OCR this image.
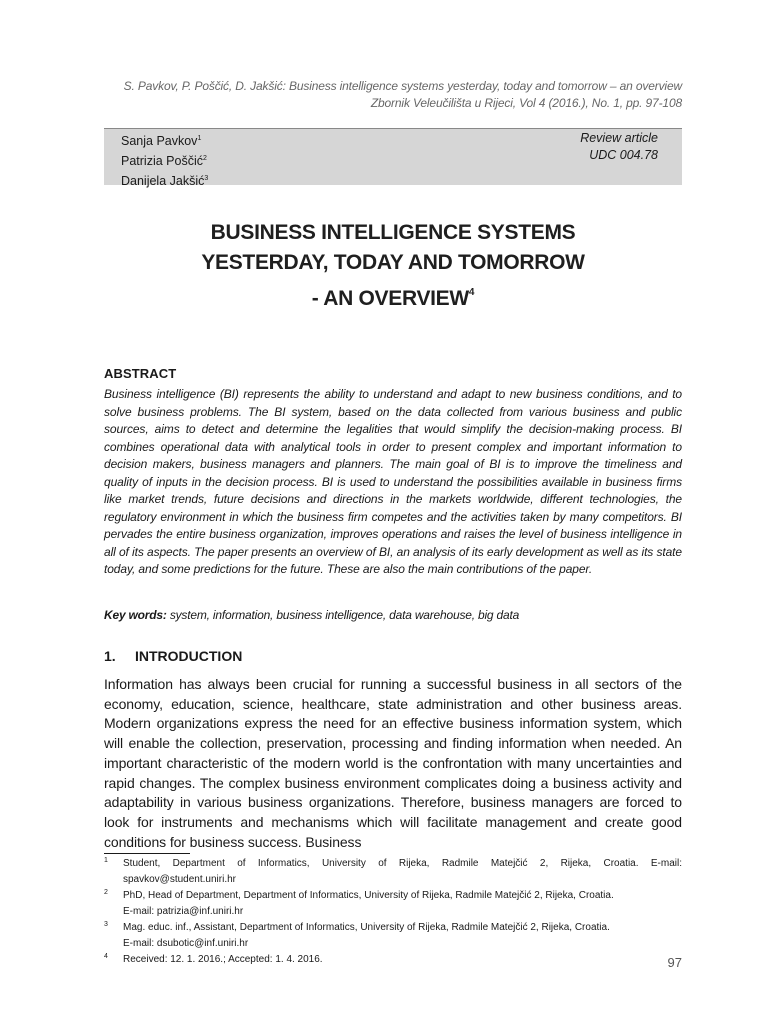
S. Pavkov, P. Poščić, D. Jakšić: Business intelligence systems yesterday, today and tomorrow – an overview
Zbornik Veleučilišta u Rijeci, Vol 4 (2016.), No. 1, pp. 97-108
Sanja Pavkov$^1$
Patrizia Poščić$^2$
Danijela Jakšić$^3$
Review article
UDC 004.78
BUSINESS INTELLIGENCE SYSTEMS
YESTERDAY, TODAY AND TOMORROW
- AN OVERVIEW$^4$
ABSTRACT
Business intelligence (BI) represents the ability to understand and adapt to new business conditions, and to solve business problems. The BI system, based on the data collected from various business and public sources, aims to detect and determine the legalities that would simplify the decision-making process. BI combines operational data with analytical tools in order to present complex and important information to decision makers, business managers and planners. The main goal of BI is to improve the timeliness and quality of inputs in the decision process. BI is used to understand the possibilities available in business firms like market trends, future decisions and directions in the markets worldwide, different technologies, the regulatory environment in which the business firm competes and the activities taken by many competitors. BI pervades the entire business organization, improves operations and raises the level of business intelligence in all of its aspects. The paper presents an overview of BI, an analysis of its early development as well as its state today, and some predictions for the future. These are also the main contributions of the paper.
Key words: system, information, business intelligence, data warehouse, big data
1. INTRODUCTION
Information has always been crucial for running a successful business in all sectors of the economy, education, science, healthcare, state administration and other business areas. Modern organizations express the need for an effective business information system, which will enable the collection, preservation, processing and finding information when needed. An important characteristic of the modern world is the confrontation with many uncertainties and rapid changes. The complex business environment complicates doing a business activity and adaptability in various business organizations. Therefore, business managers are forced to look for instruments and mechanisms which will facilitate management and create good conditions for business success. Business
1 Student, Department of Informatics, University of Rijeka, Radmile Matejčić 2, Rijeka, Croatia. E-mail: spavkov@student.uniri.hr
2 PhD, Head of Department, Department of Informatics, University of Rijeka, Radmile Matejčić 2, Rijeka, Croatia.
E-mail: patrizia@inf.uniri.hr
3 Mag. educ. inf., Assistant, Department of Informatics, University of Rijeka, Radmile Matejčić 2, Rijeka, Croatia.
E-mail: dsubotic@inf.uniri.hr
4 Received: 12. 1. 2016.; Accepted: 1. 4. 2016.	97
